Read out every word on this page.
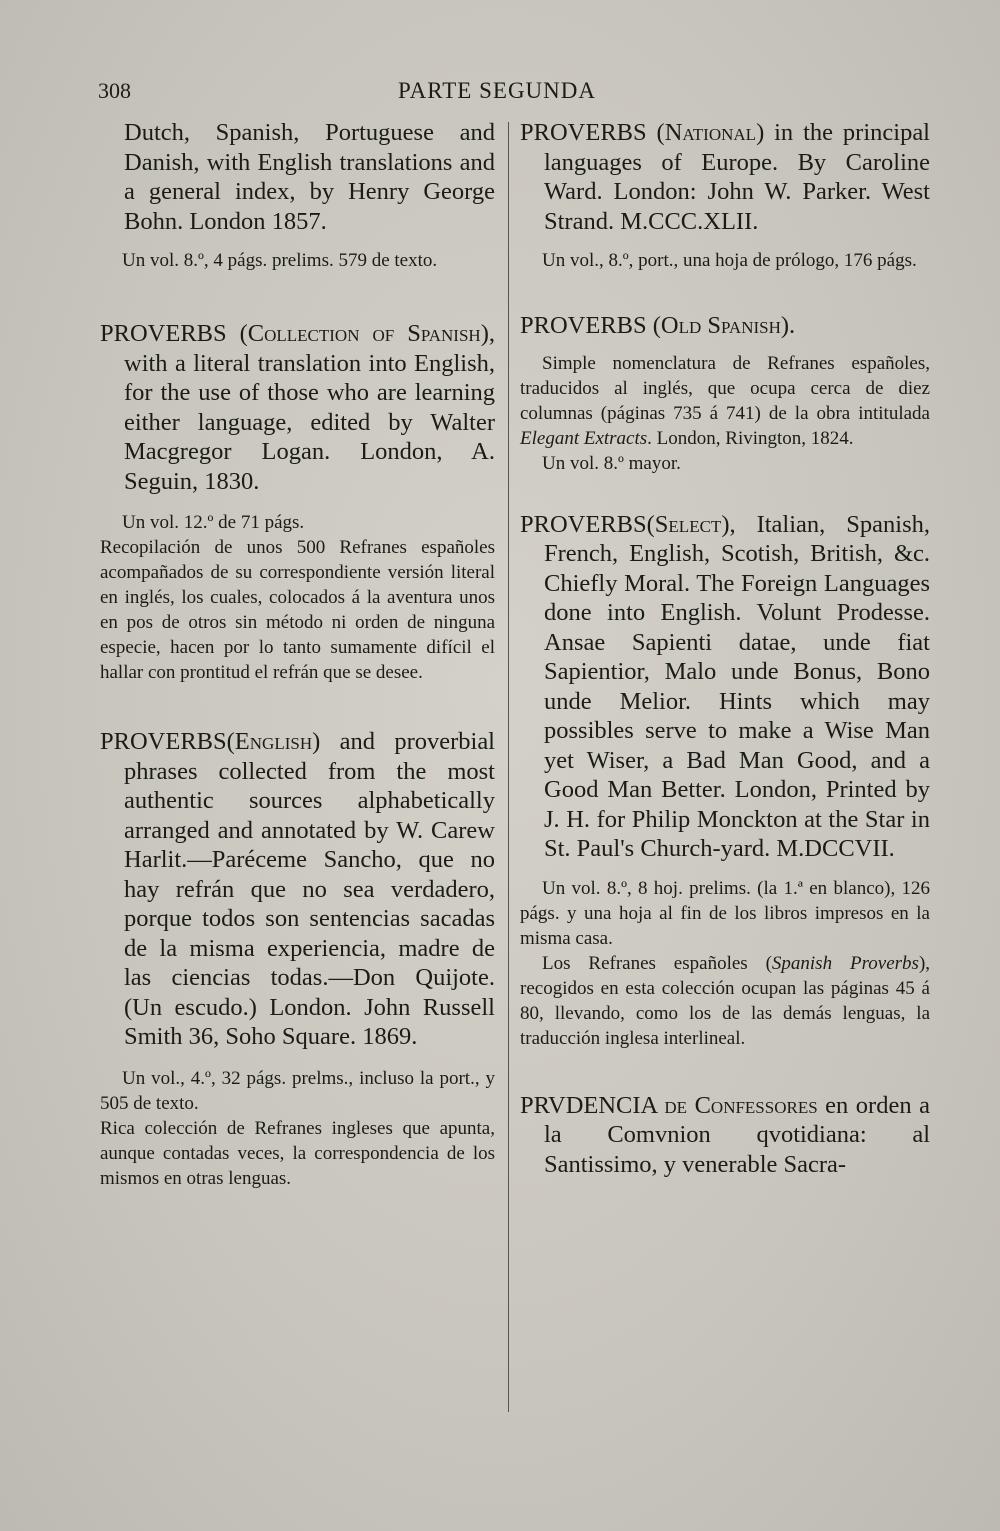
308	PARTE SEGUNDA

Dutch, Spanish, Portuguese and Danish, with English translations and a general index, by Henry George Bohn. London 1857.

Un vol. 8.º, 4 págs. prelims. 579 de texto.

PROVERBS (Collection of Spanish), with a literal translation into English, for the use of those who are learning either language, edited by Walter Macgregor Logan. London, A. Seguin, 1830.

Un vol. 12.º de 71 págs.

Recopilación de unos 500 Refranes españoles acompañados de su correspondiente versión literal en inglés, los cuales, colocados á la aventura unos en pos de otros sin método ni orden de ninguna especie, hacen por lo tanto sumamente difícil el hallar con prontitud el refrán que se desee.

PROVERBS(English) and proverbial phrases collected from the most authentic sources alphabetically arranged and annotated by W. Carew Harlit.—Paréceme Sancho, que no hay refrán que no sea verdadero, porque todos son sentencias sacadas de la misma experiencia, madre de las ciencias todas.—Don Quijote. (Un escudo.) London. John Russell Smith 36, Soho Square. 1869.

Un vol., 4.º, 32 págs. prelms., incluso la port., y 505 de texto.

Rica colección de Refranes ingleses que apunta, aunque contadas veces, la correspondencia de los mismos en otras lenguas.

PROVERBS (National) in the principal languages of Europe. By Caroline Ward. London: John W. Parker. West Strand. M.CCC.XLII.

Un vol., 8.º, port., una hoja de prólogo, 176 págs.

PROVERBS (Old Spanish).

Simple nomenclatura de Refranes españoles, traducidos al inglés, que ocupa cerca de diez columnas (páginas 735 á 741) de la obra intitulada Elegant Extracts. London, Rivington, 1824.

Un vol. 8.º mayor.

PROVERBS(Select), Italian, Spanish, French, English, Scotish, British, &c. Chiefly Moral. The Foreign Languages done into English. Volunt Prodesse. Ansae Sapienti datae, unde fiat Sapientior, Malo unde Bonus, Bono unde Melior. Hints which may possibles serve to make a Wise Man yet Wiser, a Bad Man Good, and a Good Man Better. London, Printed by J. H. for Philip Monckton at the Star in St. Paul's Church-yard. M.DCCVII.

Un vol. 8.º, 8 hoj. prelims. (la 1.ª en blanco), 126 págs. y una hoja al fin de los libros impresos en la misma casa.

Los Refranes españoles (Spanish Proverbs), recogidos en esta colección ocupan las páginas 45 á 80, llevando, como los de las demás lenguas, la traducción inglesa interlineal.

PRVDENCIA de Confessores en orden a la Comvnion qvotidiana: al Santissimo, y venerable Sacra-
